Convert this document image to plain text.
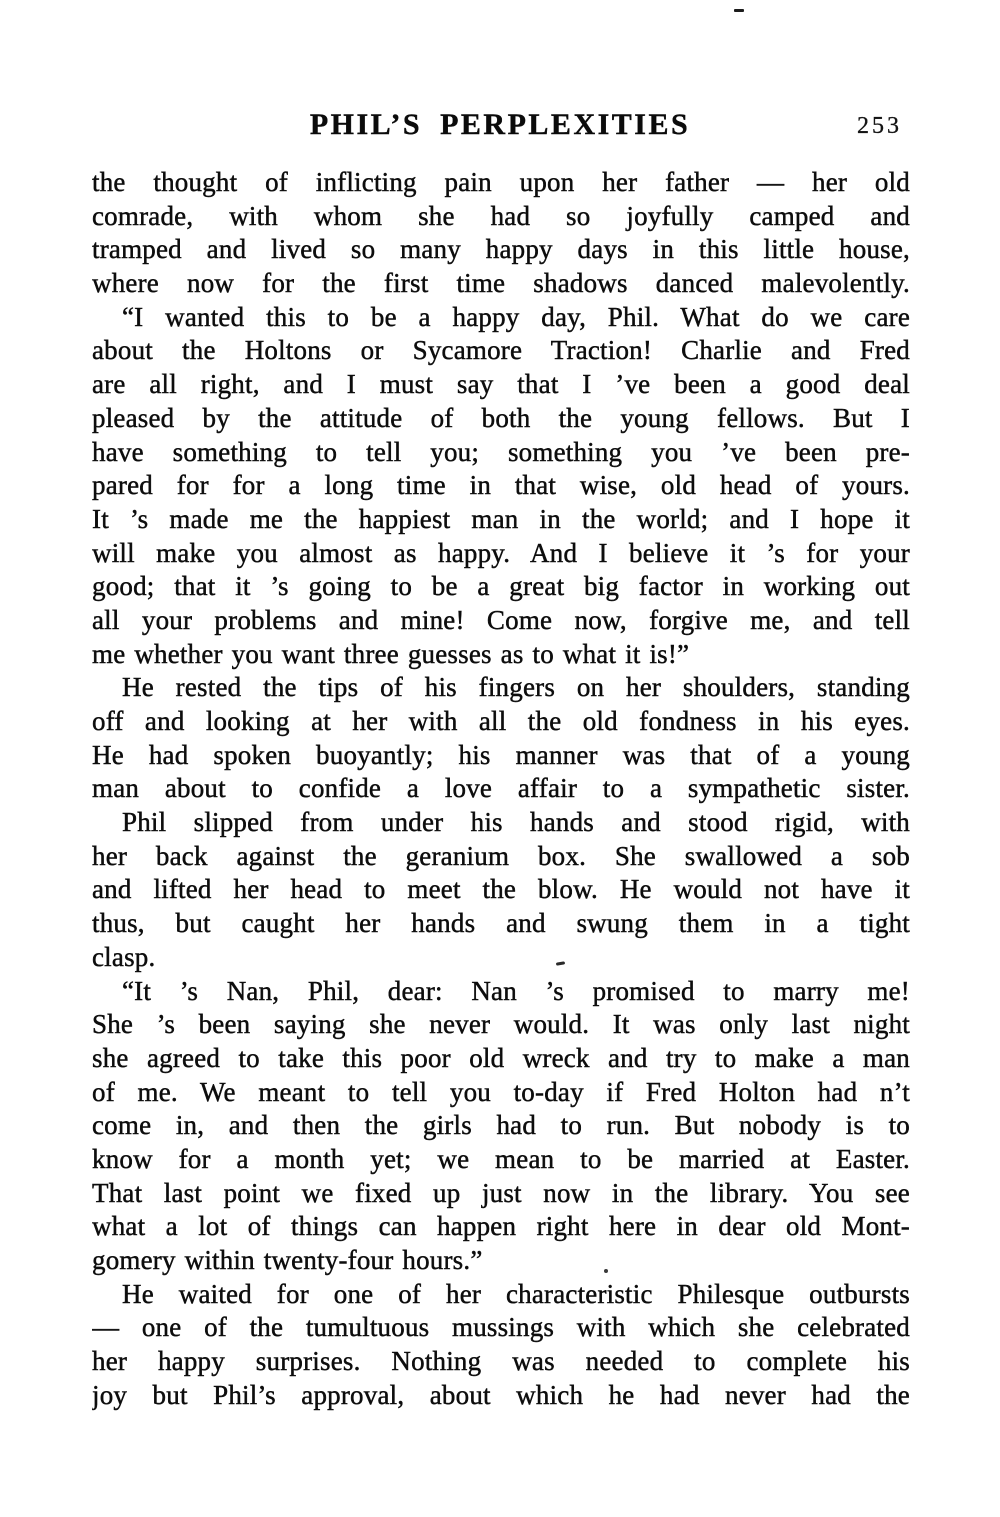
PHIL’S PERPLEXITIES	253
the thought of inflicting pain upon her father — her old
comrade, with whom she had so joyfully camped and
tramped and lived so many happy days in this little house,
where now for the first time shadows danced malevolently.
“I wanted this to be a happy day, Phil. What do we care
about the Holtons or Sycamore Traction! Charlie and Fred
are all right, and I must say that I ’ve been a good deal
pleased by the attitude of both the young fellows. But I
have something to tell you; something you ’ve been pre-
pared for for a long time in that wise, old head of yours.
It ’s made me the happiest man in the world; and I hope it
will make you almost as happy. And I believe it ’s for your
good; that it ’s going to be a great big factor in working out
all your problems and mine! Come now, forgive me, and tell
me whether you want three guesses as to what it is!”
He rested the tips of his fingers on her shoulders, standing
off and looking at her with all the old fondness in his eyes.
He had spoken buoyantly; his manner was that of a young
man about to confide a love affair to a sympathetic sister.
Phil slipped from under his hands and stood rigid, with
her back against the geranium box. She swallowed a sob
and lifted her head to meet the blow. He would not have it
thus, but caught her hands and swung them in a tight
clasp.
“It ’s Nan, Phil, dear: Nan ’s promised to marry me!
She ’s been saying she never would. It was only last night
she agreed to take this poor old wreck and try to make a man
of me. We meant to tell you to-day if Fred Holton had n’t
come in, and then the girls had to run. But nobody is to
know for a month yet; we mean to be married at Easter.
That last point we fixed up just now in the library. You see
what a lot of things can happen right here in dear old Mont-
gomery within twenty-four hours.”
He waited for one of her characteristic Philesque outbursts
— one of the tumultuous mussings with which she celebrated
her happy surprises. Nothing was needed to complete his
joy but Phil’s approval, about which he had never had the
